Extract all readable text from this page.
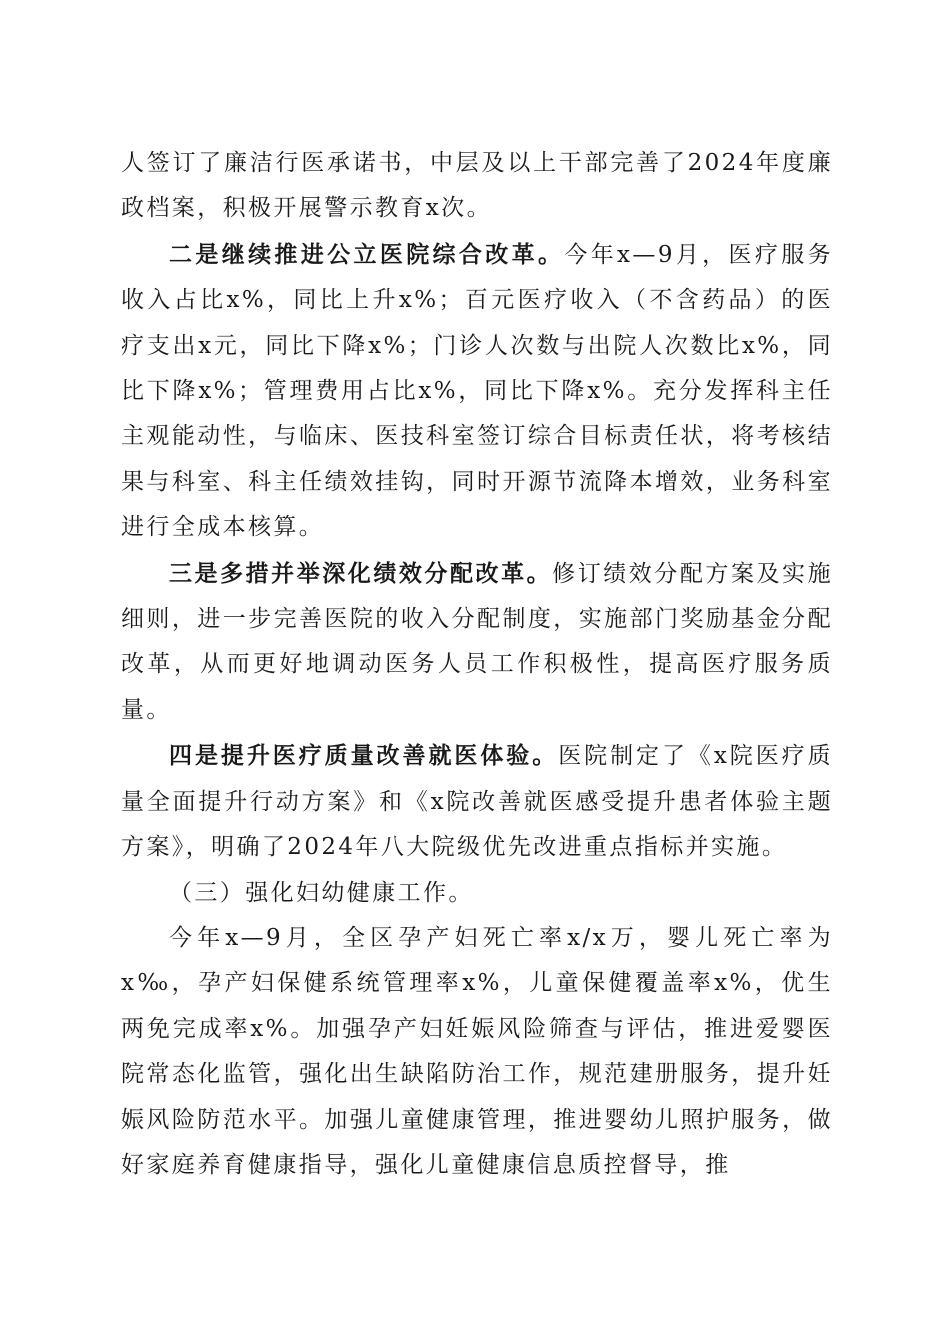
人签订了廉洁行医承诺书，中层及以上干部完善了2024年度廉政档案，积极开展警示教育x次。

二是继续推进公立医院综合改革。今年x—9月，医疗服务收入占比x%，同比上升x%；百元医疗收入（不含药品）的医疗支出x元，同比下降x%；门诊人次数与出院人次数比x%，同比下降x%；管理费用占比x%，同比下降x%。充分发挥科主任主观能动性，与临床、医技科室签订综合目标责任状，将考核结果与科室、科主任绩效挂钩，同时开源节流降本增效，业务科室进行全成本核算。

三是多措并举深化绩效分配改革。修订绩效分配方案及实施细则，进一步完善医院的收入分配制度，实施部门奖励基金分配改革，从而更好地调动医务人员工作积极性，提高医疗服务质量。

四是提升医疗质量改善就医体验。医院制定了《x院医疗质量全面提升行动方案》和《x院改善就医感受提升患者体验主题方案》，明确了2024年八大院级优先改进重点指标并实施。

（三）强化妇幼健康工作。

今年x—9月，全区孕产妇死亡率x/x万，婴儿死亡率为x‰，孕产妇保健系统管理率x%，儿童保健覆盖率x%，优生两免完成率x%。加强孕产妇妊娠风险筛查与评估，推进爱婴医院常态化监管，强化出生缺陷防治工作，规范建册服务，提升妊娠风险防范水平。加强儿童健康管理，推进婴幼儿照护服务，做好家庭养育健康指导，强化儿童健康信息质控督导，推
